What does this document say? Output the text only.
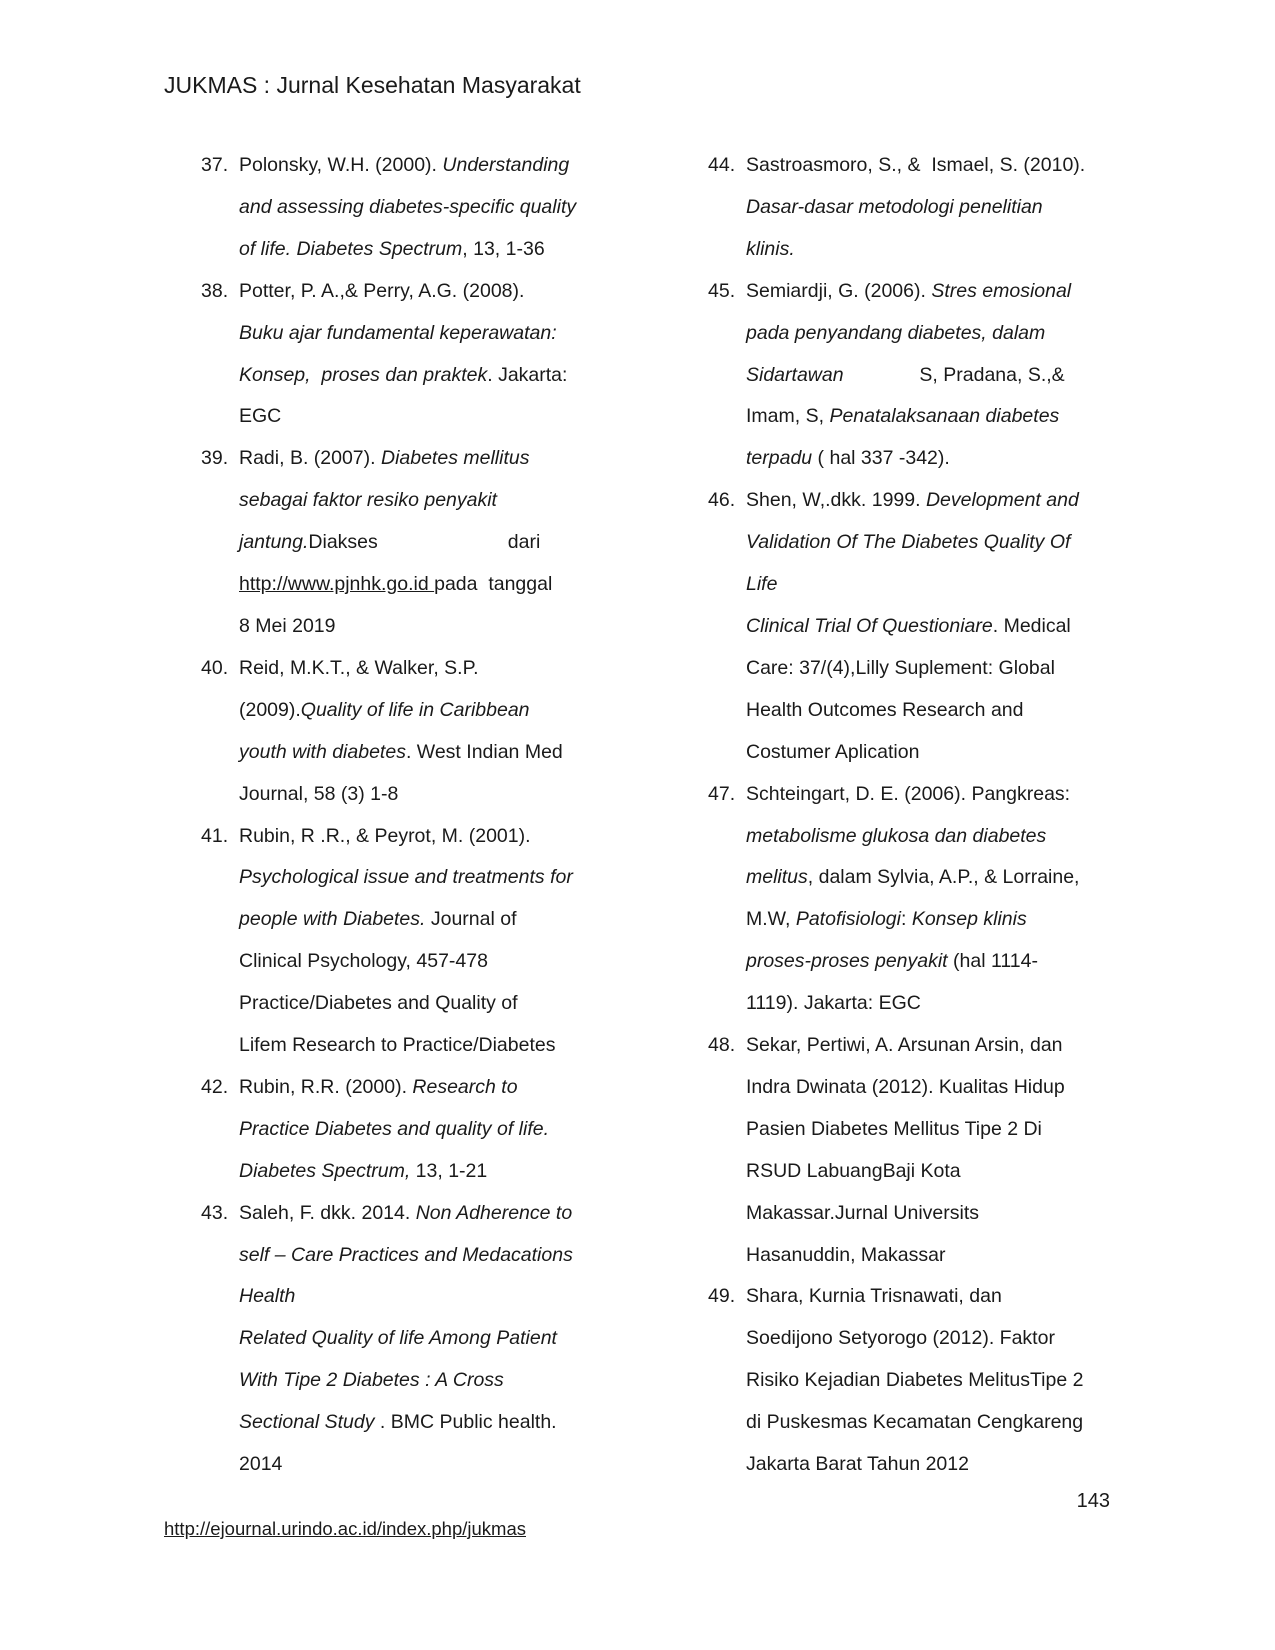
JUKMAS : Jurnal Kesehatan Masyarakat
37. Polonsky, W.H. (2000). Understanding
and assessing diabetes-specific quality
of life. Diabetes Spectrum, 13, 1-36
38. Potter, P. A.,& Perry, A.G. (2008).
Buku ajar fundamental keperawatan:
Konsep,  proses dan praktek. Jakarta:
EGC
39. Radi, B. (2007). Diabetes mellitus
sebagai faktor resiko penyakit
jantung.Diakses                        dari
http://www.pjnhk.go.id pada  tanggal
8 Mei 2019
40. Reid, M.K.T., & Walker, S.P.
(2009).Quality of life in Caribbean
youth with diabetes. West Indian Med
Journal, 58 (3) 1-8
41. Rubin, R .R., & Peyrot, M. (2001).
Psychological issue and treatments for
people with Diabetes. Journal of
Clinical Psychology, 457-478
Practice/Diabetes and Quality of
Lifem Research to Practice/Diabetes
42. Rubin, R.R. (2000). Research to
Practice Diabetes and quality of life.
Diabetes Spectrum, 13, 1-21
43. Saleh, F. dkk. 2014. Non Adherence to
self – Care Practices and Medacations
Health
Related Quality of life Among Patient
With Tipe 2 Diabetes : A Cross
Sectional Study . BMC Public health.
2014
44. Sastroasmoro, S., &  Ismael, S. (2010).
Dasar-dasar metodologi penelitian
klinis.
45. Semiardji, G. (2006). Stres emosional
pada penyandang diabetes, dalam
Sidartawan              S, Pradana, S.,&
Imam, S, Penatalaksanaan diabetes
terpadu ( hal 337 -342).
46. Shen, W,.dkk. 1999. Development and
Validation Of The Diabetes Quality Of
Life
Clinical Trial Of Questioniare. Medical
Care: 37/(4),Lilly Suplement: Global
Health Outcomes Research and
Costumer Aplication
47. Schteingart, D. E. (2006). Pangkreas:
metabolisme glukosa dan diabetes
melitus, dalam Sylvia, A.P., & Lorraine,
M.W, Patofisiologi: Konsep klinis
proses-proses penyakit (hal 1114-
1119). Jakarta: EGC
48. Sekar, Pertiwi, A. Arsunan Arsin, dan
Indra Dwinata (2012). Kualitas Hidup
Pasien Diabetes Mellitus Tipe 2 Di
RSUD LabuangBaji Kota
Makassar.Jurnal Universits
Hasanuddin, Makassar
49. Shara, Kurnia Trisnawati, dan
Soedijono Setyorogo (2012). Faktor
Risiko Kejadian Diabetes MelitusTipe 2
di Puskesmas Kecamatan Cengkareng
Jakarta Barat Tahun 2012
143
http://ejournal.urindo.ac.id/index.php/jukmas
